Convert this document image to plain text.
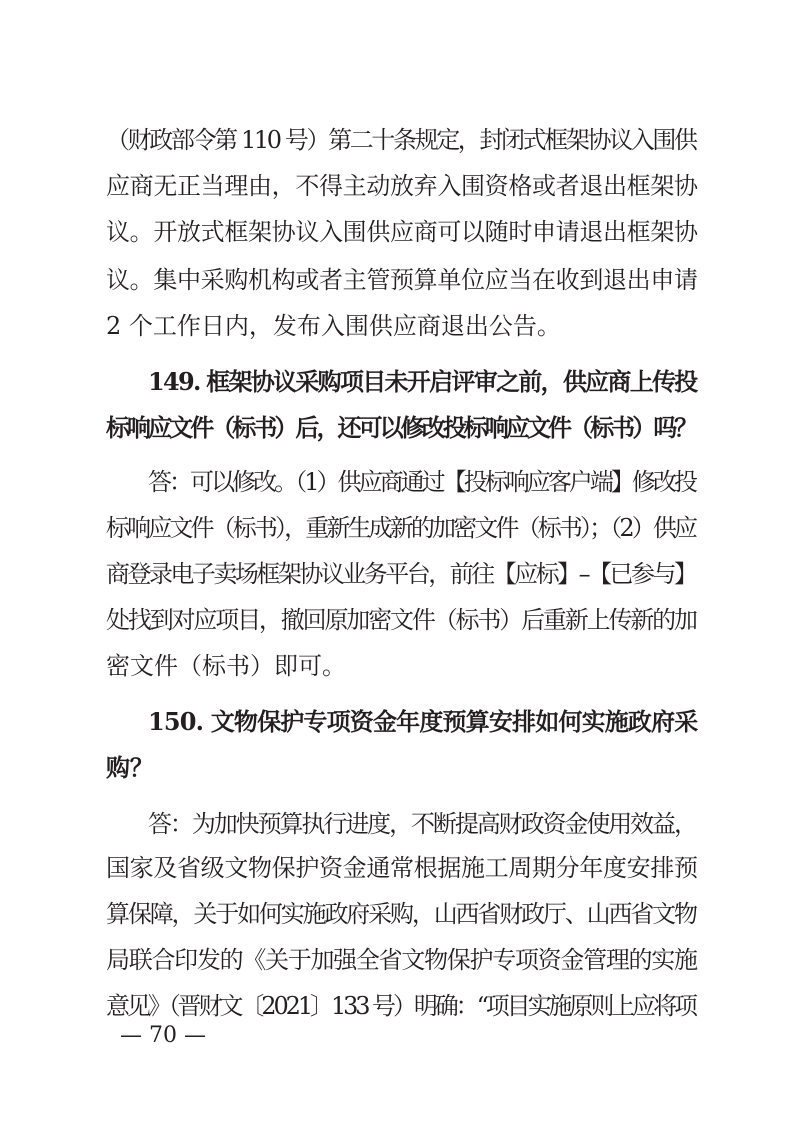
（财政部令第 110 号）第二十条规定，封闭式框架协议入围供

应商无正当理由，不得主动放弃入围资格或者退出框架协

议。开放式框架协议入围供应商可以随时申请退出框架协

议。集中采购机构或者主管预算单位应当在收到退出申请

2 个工作日内，发布入围供应商退出公告。

149. 框架协议采购项目未开启评审之前，供应商上传投

标响应文件（标书）后，还可以修改投标响应文件（标书）吗？

答：可以修改。（1）供应商通过【投标响应客户端】修改投

标响应文件（标书），重新生成新的加密文件（标书）；（2）供应

商登录电子卖场框架协议业务平台，前往【应标】–【已参与】

处找到对应项目，撤回原加密文件（标书）后重新上传新的加

密文件（标书）即可。

150. 文物保护专项资金年度预算安排如何实施政府采

购？

答：为加快预算执行进度，不断提高财政资金使用效益，

国家及省级文物保护资金通常根据施工周期分年度安排预

算保障，关于如何实施政府采购，山西省财政厅、山西省文物

局联合印发的《关于加强全省文物保护专项资金管理的实施

意见》（晋财文〔2021〕133 号）明确：“项目实施原则上应将项

— 70 —
